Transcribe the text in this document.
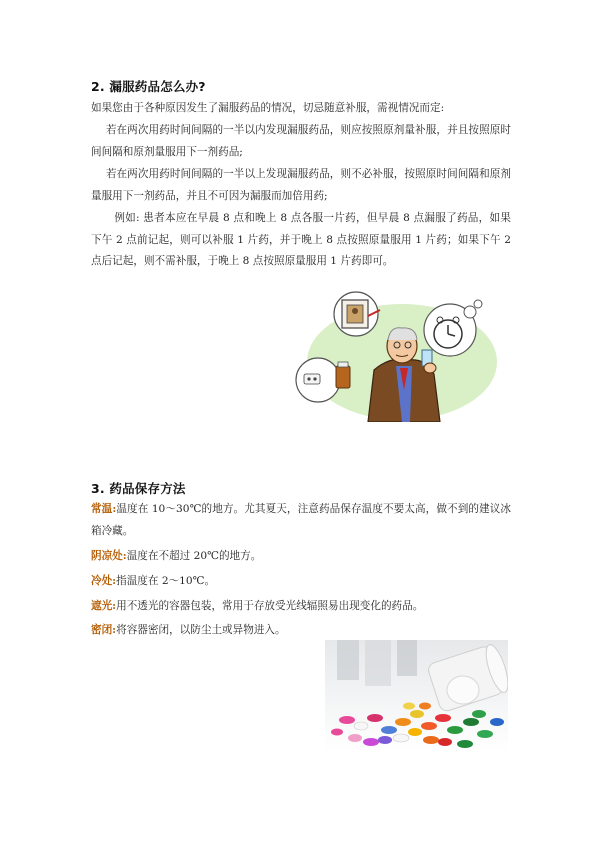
2. 漏服药品怎么办?
如果您由于各种原因发生了漏服药品的情况，切忌随意补服，需视情况而定:
若在两次用药时间间隔的一半以内发现漏服药品，则应按照原剂量补服，并且按照原时间间隔和原剂量服用下一剂药品;
若在两次用药时间间隔的一半以上发现漏服药品，则不必补服，按照原时间间隔和原剂量服用下一剂药品，并且不可因为漏服而加倍用药;
例如: 患者本应在早晨 8 点和晚上 8 点各服一片药，但早晨 8 点漏服了药品，如果下午 2 点前记起，则可以补服 1 片药，并于晚上 8 点按照原量服用 1 片药；如果下午 2 点后记起，则不需补服，于晚上 8 点按照原量服用 1 片药即可。
3. 药品保存方法
常温:温度在 10～30℃的地方。尤其夏天，注意药品保存温度不要太高，做不到的建议冰箱冷藏。
阴凉处:温度在不超过 20℃的地方。
冷处:指温度在 2～10℃。
遮光:用不透光的容器包装，常用于存放受光线辐照易出现变化的药品。
密闭:将容器密闭，以防尘土或异物进入。
